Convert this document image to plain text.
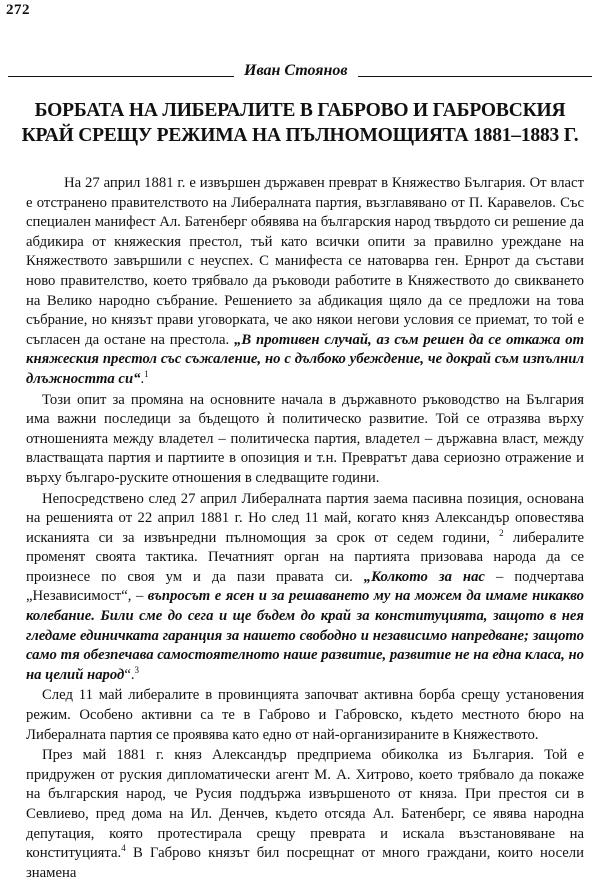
272
Иван Стоянов
БОРБАТА НА ЛИБЕРАЛИТЕ В ГАБРОВО И ГАБРОВСКИЯ
КРАЙ СРЕЩУ РЕЖИМА НА ПЪЛНОМОЩИЯТА 1881–1883 Г.

На 27 април 1881 г. е извършен държавен преврат в Княжество България. От власт е отстранено правителството на Либералната партия, възглавявано от П. Каравелов. Със специален манифест Ал. Батенберг обявява на българския народ твърдото си решение да абдикира от княжеския престол, тъй като всички опити за правилно уреждане на Княжеството завършили с неуспех. С манифеста се натоварва ген. Ернрот да състави ново правителство, което трябвало да ръководи работите в Княжеството до свикването на Велико народно събрание. Решението за абдикация щяло да се предложи на това събрание, но князът прави уговорката, че ако някои негови условия се приемат, то той е съгласен да остане на престола. „В противен случай, аз съм решен да се откажа от княжеския престол със съжаление, но с дълбоко убеждение, че докрай съм изпълнил длъжността си“.$^1$

Този опит за промяна на основните начала в държавното ръководство на България има важни последици за бъдещото ѝ политическо развитие. Той се отразява върху отношенията между владетел – политическа партия, владетел – държавна власт, между властващата партия и партиите в опозиция и т.н. Превратът дава сериозно отражение и върху българо-руските отношения в следващите години.

Непосредствено след 27 април Либералната партия заема пасивна позиция, основана на решенията от 22 април 1881 г. Но след 11 май, когато княз Александър оповестява исканията си за извънредни пълномощия за срок от седем години, $^2$ либералите променят своята тактика. Печатният орган на партията призовава народа да се произнесе по своя ум и да пази правата си. „Колкото за нас – подчертава „Независимост“, – въпросът е ясен и за решаването му на можем да имаме никакво колебание. Били сме до сега и ще бъдем до край за конституцията, защото в нея гледаме единичката гаранция за нашето свободно и независимо напредване; защото само тя обезпечава самостоятелното наше развитие, развитие не на една класа, но на целий народ“.$^3$

След 11 май либералите в провинцията започват активна борба срещу установения режим. Особено активни са те в Габрово и Габровско, където местното бюро на Либералната партия се проявява като едно от най-организираните в Княжеството.

През май 1881 г. княз Александър предприема обиколка из България. Той е придружен от руския дипломатически агент М. А. Хитрово, което трябвало да покаже на българския народ, че Русия поддържа извършеното от княза. При престоя си в Севлиево, пред дома на Ил. Денчев, където отсяда Ал. Батенберг, се явява народна депутация, която протестирала срещу преврата и искала възстановяване на конституцията.$^4$ В Габрово князът бил посрещнат от много граждани, които носели знамена
